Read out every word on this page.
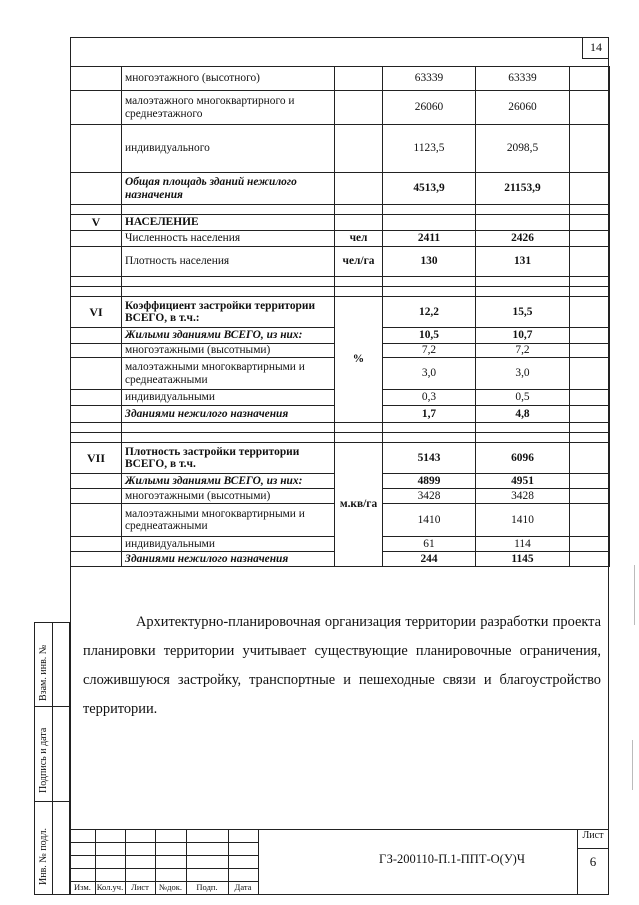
14
	многоэтажного (высотного)		63339	63339	
	малоэтажного многоквартирного и среднеэтажного		26060	26060	
	индивидуального		1123,5	2098,5	
	Общая площадь зданий нежилого назначения		4513,9	21153,9	

V	НАСЕЛЕНИЕ				
	Численность населения	чел	2411	2426	
	Плотность населения	чел/га	130	131	

VI	Коэффициент застройки территории ВСЕГО, в т.ч.:	%	12,2	15,5	
	Жилыми зданиями ВСЕГО, из них:		10,5	10,7	
	многоэтажными (высотными)		7,2	7,2	
	малоэтажными многоквартирными и среднеатажными		3,0	3,0	
	индивидуальными		0,3	0,5	
	Зданиями нежилого назначения		1,7	4,8	

VII	Плотность застройки территории ВСЕГО, в т.ч.	м.кв/га	5143	6096	
	Жилыми зданиями ВСЕГО, из них:		4899	4951	
	многоэтажными (высотными)		3428	3428	
	малоэтажными многоквартирными и среднеатажными		1410	1410	
	индивидуальными		61	114	
	Зданиями нежилого назначения		244	1145	
Архитектурно-планировочная организация территории разработки проекта планировки территории учитывает существующие планировочные ограничения, сложившуюся застройку, транспортные и пешеходные связи и благоустройство территории.
Взам. инв. №
Подпись и дата
Инв. № подл.
Изм. Кол.уч. Лист	№док.	Подп.	Дата
ГЗ-200110-П.1-ППТ-О(У)Ч
Лист
6
